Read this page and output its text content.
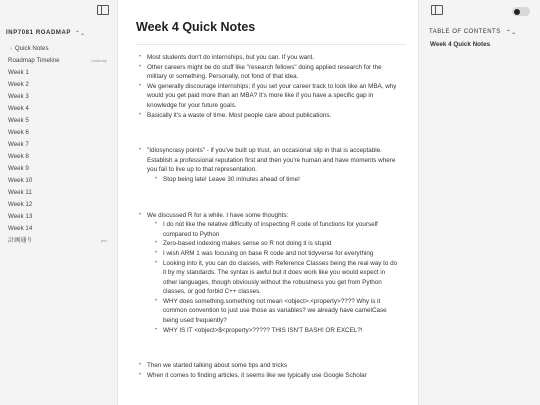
INP7081 ROADMAP ⌃⌄
› Quick Notes
Roadmap Timeline	roadmap
Week 1
Week 2
Week 3
Week 4
Week 5
Week 6
Week 7
Week 8
Week 9
Week 10
Week 11
Week 12
Week 13
Week 14
計画通り	jmc
Week 4 Quick Notes
• Most students don't do internships, but you can. If you want.
• Other careers might be do stuff like "research fellows" doing applied research for the military or something. Personally, not fond of that idea.
• We generally discourage internships; if you set your career track to look like an MBA, why would you get paid more than an MBA? It's more like if you have a specific gap in knowledge for your future goals.
• Basically it's a waste of time. Most people care about publications.
• "Idiosyncrasy points" - if you've built up trust, an occasional slip in that is acceptable. Establish a professional reputation first and then you're human and have moments where you fail to live up to that representation.
• Stop being late! Leave 30 minutes ahead of time!
• We discussed R for a while. I have some thoughts:
• I do not like the relative difficulty of inspecting R code of functions for yourself compared to Python
• Zero-based indexing makes sense so R not doing it is stupid
• I wish ARM 1 was focusing on base R code and not tidyverse for everything
• Looking into it, you can do classes, with Reference Classes being the real way to do it by my standards. The syntax is awful but it does work like you would expect in other languages, though obviously without the robustness you get from Python classes, or god forbid C++ classes.
• WHY does something.something not mean <object>.<property>???? Why is it common convention to just use those as variables? we already have camelCase being used frequently?
• WHY IS IT <object>$<property>????? THIS ISN'T BASH! OR EXCEL?!
• Then we started talking about some tips and tricks
• When it comes to finding articles, it seems like we typically use Google Scholar
TABLE OF CONTENTS ⌃⌄
Week 4 Quick Notes
